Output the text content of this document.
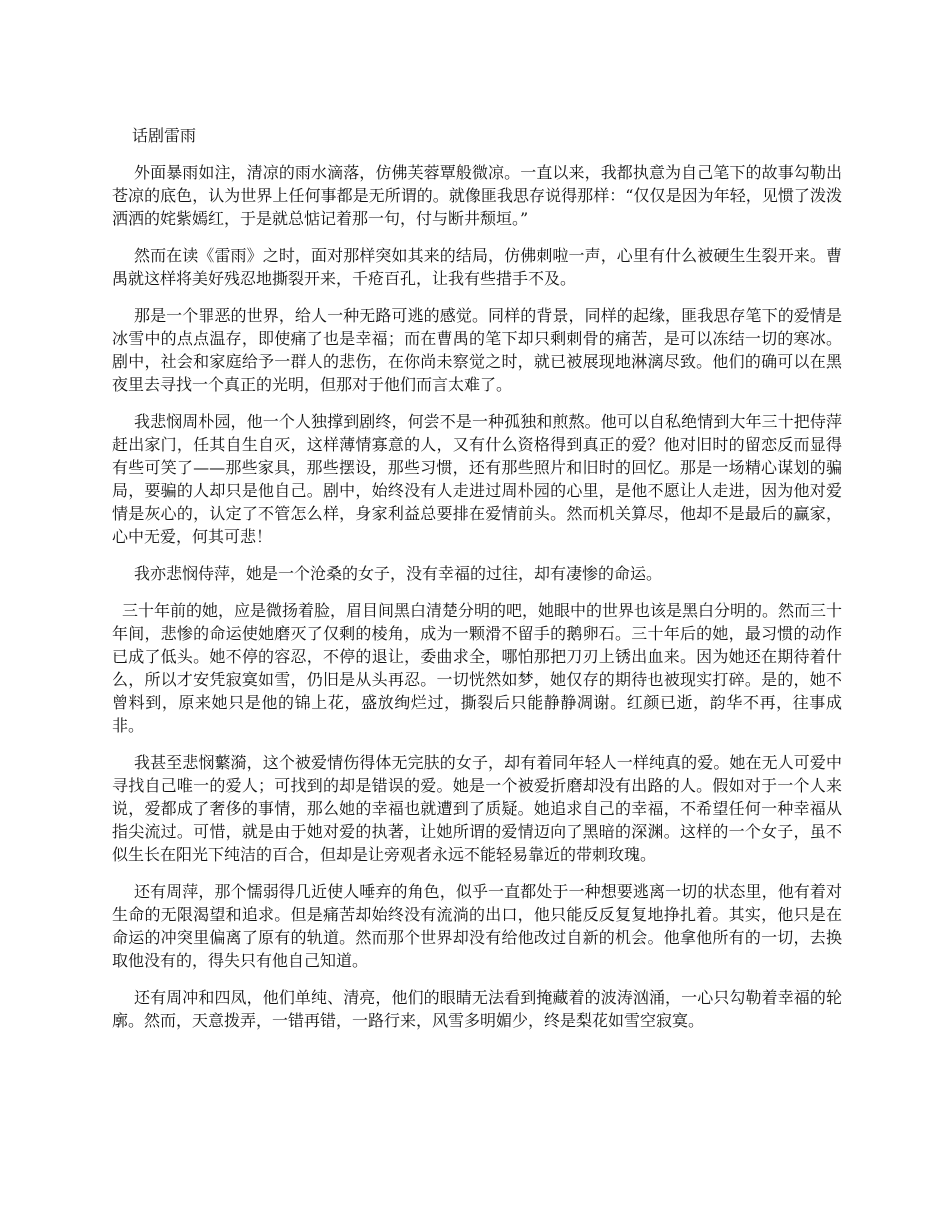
话剧雷雨

外面暴雨如注，清凉的雨水滴落，仿佛芙蓉覃般微凉。一直以来，我都执意为自己笔下的故事勾勒出苍凉的底色，认为世界上任何事都是无所谓的。就像匪我思存说得那样：“仅仅是因为年轻，见惯了泼泼洒洒的姹紫嫣红，于是就总惦记着那一句，付与断井颓垣。”

然而在读《雷雨》之时，面对那样突如其来的结局，仿佛刺啦一声，心里有什么被硬生生裂开来。曹禺就这样将美好残忍地撕裂开来，千疮百孔，让我有些措手不及。

那是一个罪恶的世界，给人一种无路可逃的感觉。同样的背景，同样的起缘，匪我思存笔下的爱情是冰雪中的点点温存，即使痛了也是幸福；而在曹禺的笔下却只剩刺骨的痛苦，是可以冻结一切的寒冰。剧中，社会和家庭给予一群人的悲伤，在你尚未察觉之时，就已被展现地淋漓尽致。他们的确可以在黑夜里去寻找一个真正的光明，但那对于他们而言太难了。

我悲悯周朴园，他一个人独撑到剧终，何尝不是一种孤独和煎熬。他可以自私绝情到大年三十把侍萍赶出家门，任其自生自灭，这样薄情寡意的人，又有什么资格得到真正的爱？他对旧时的留恋反而显得有些可笑了——那些家具，那些摆设，那些习惯，还有那些照片和旧时的回忆。那是一场精心谋划的骗局，要骗的人却只是他自己。剧中，始终没有人走进过周朴园的心里，是他不愿让人走进，因为他对爱情是灰心的，认定了不管怎么样，身家利益总要排在爱情前头。然而机关算尽，他却不是最后的赢家，心中无爱，何其可悲！

我亦悲悯侍萍，她是一个沧桑的女子，没有幸福的过往，却有凄惨的命运。

三十年前的她，应是微扬着脸，眉目间黑白清楚分明的吧，她眼中的世界也该是黑白分明的。然而三十年间，悲惨的命运使她磨灭了仅剩的棱角，成为一颗滑不留手的鹅卵石。三十年后的她，最习惯的动作已成了低头。她不停的容忍，不停的退让，委曲求全，哪怕那把刀刃上锈出血来。因为她还在期待着什么，所以才安凭寂寞如雪，仍旧是从头再忍。一切恍然如梦，她仅存的期待也被现实打碎。是的，她不曾料到，原来她只是他的锦上花，盛放绚烂过，撕裂后只能静静凋谢。红颜已逝，韵华不再，往事成非。

我甚至悲悯蘩漪，这个被爱情伤得体无完肤的女子，却有着同年轻人一样纯真的爱。她在无人可爱中寻找自己唯一的爱人；可找到的却是错误的爱。她是一个被爱折磨却没有出路的人。假如对于一个人来说，爱都成了奢侈的事情，那么她的幸福也就遭到了质疑。她追求自己的幸福，不希望任何一种幸福从指尖流过。可惜，就是由于她对爱的执著，让她所谓的爱情迈向了黑暗的深渊。这样的一个女子，虽不似生长在阳光下纯洁的百合，但却是让旁观者永远不能轻易靠近的带刺玫瑰。

还有周萍，那个懦弱得几近使人唾弃的角色，似乎一直都处于一种想要逃离一切的状态里，他有着对生命的无限渴望和追求。但是痛苦却始终没有流淌的出口，他只能反反复复地挣扎着。其实，他只是在命运的冲突里偏离了原有的轨道。然而那个世界却没有给他改过自新的机会。他拿他所有的一切，去换取他没有的，得失只有他自己知道。

还有周冲和四凤，他们单纯、清亮，他们的眼睛无法看到掩藏着的波涛汹涌，一心只勾勒着幸福的轮廓。然而，天意拨弄，一错再错，一路行来，风雪多明媚少，终是梨花如雪空寂寞。
